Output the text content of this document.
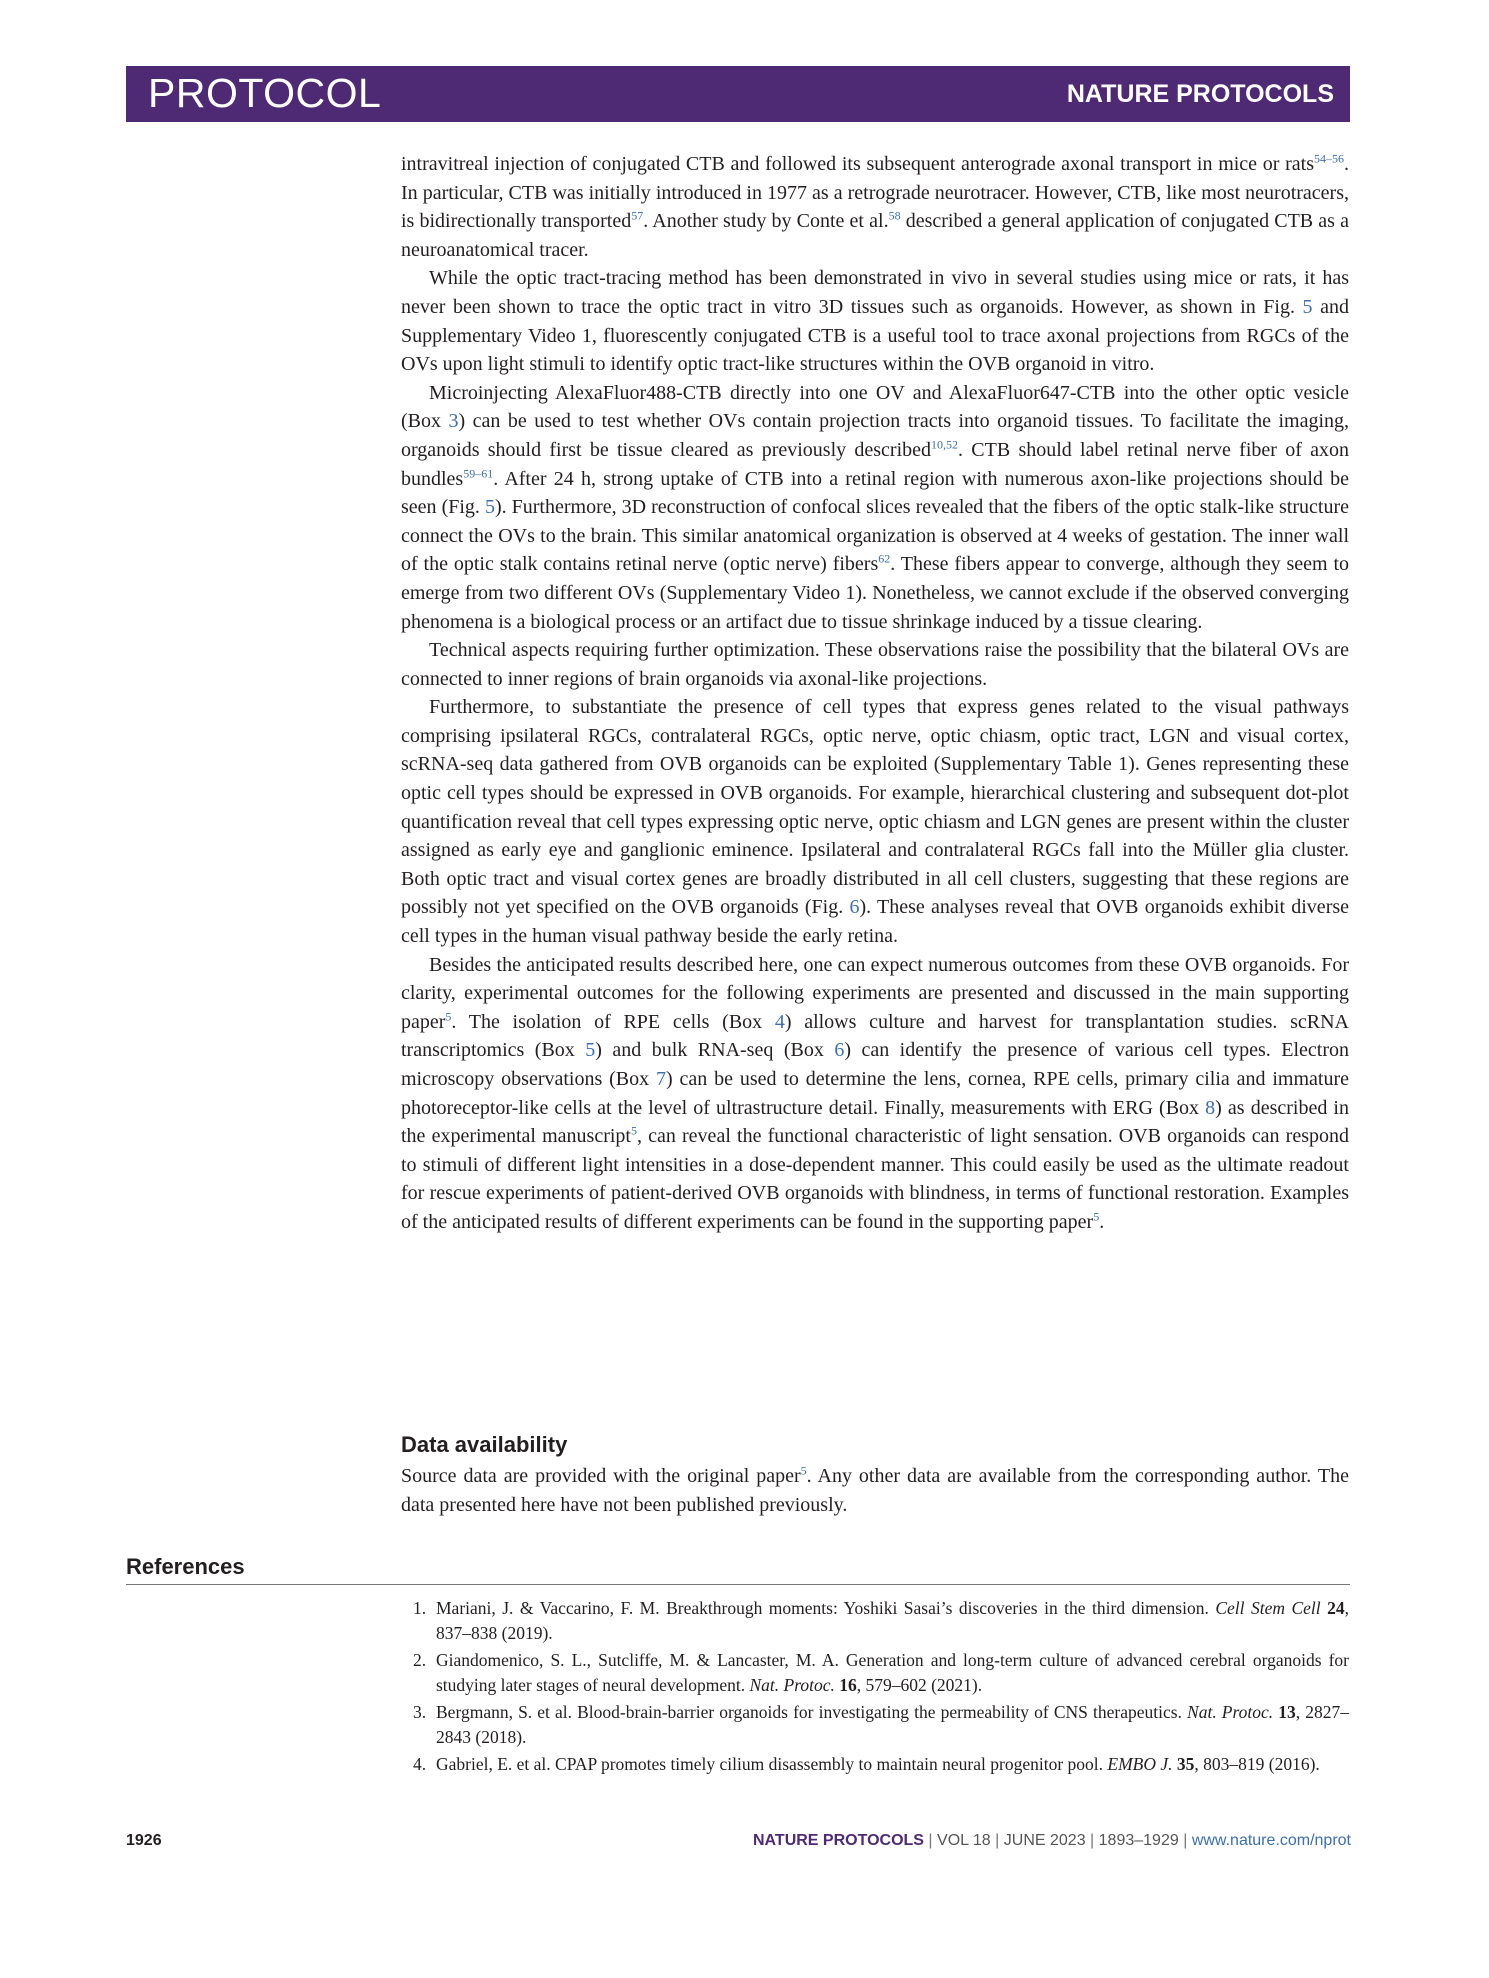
PROTOCOL	NATURE PROTOCOLS

intravitreal injection of conjugated CTB and followed its subsequent anterograde axonal transport in mice or rats$^{54-56}$. In particular, CTB was initially introduced in 1977 as a retrograde neurotracer. However, CTB, like most neurotracers, is bidirectionally transported$^{57}$. Another study by Conte et al.$^{58}$ described a general application of conjugated CTB as a neuroanatomical tracer.

While the optic tract-tracing method has been demonstrated in vivo in several studies using mice or rats, it has never been shown to trace the optic tract in vitro 3D tissues such as organoids. However, as shown in Fig. 5 and Supplementary Video 1, fluorescently conjugated CTB is a useful tool to trace axonal projections from RGCs of the OVs upon light stimuli to identify optic tract-like structures within the OVB organoid in vitro.

Microinjecting AlexaFluor488-CTB directly into one OV and AlexaFluor647-CTB into the other optic vesicle (Box 3) can be used to test whether OVs contain projection tracts into organoid tissues. To facilitate the imaging, organoids should first be tissue cleared as previously described$^{10,52}$. CTB should label retinal nerve fiber of axon bundles$^{59-61}$. After 24 h, strong uptake of CTB into a retinal region with numerous axon-like projections should be seen (Fig. 5). Furthermore, 3D reconstruction of confocal slices revealed that the fibers of the optic stalk-like structure connect the OVs to the brain. This similar anatomical organization is observed at 4 weeks of gestation. The inner wall of the optic stalk contains retinal nerve (optic nerve) fibers$^{62}$. These fibers appear to converge, although they seem to emerge from two different OVs (Supplementary Video 1). Nonetheless, we cannot exclude if the observed converging phenomena is a biological process or an artifact due to tissue shrinkage induced by a tissue clearing.

Technical aspects requiring further optimization. These observations raise the possibility that the bilateral OVs are connected to inner regions of brain organoids via axonal-like projections.

Furthermore, to substantiate the presence of cell types that express genes related to the visual pathways comprising ipsilateral RGCs, contralateral RGCs, optic nerve, optic chiasm, optic tract, LGN and visual cortex, scRNA-seq data gathered from OVB organoids can be exploited (Supplementary Table 1). Genes representing these optic cell types should be expressed in OVB organoids. For example, hierarchical clustering and subsequent dot-plot quantification reveal that cell types expressing optic nerve, optic chiasm and LGN genes are present within the cluster assigned as early eye and ganglionic eminence. Ipsilateral and contralateral RGCs fall into the Müller glia cluster. Both optic tract and visual cortex genes are broadly distributed in all cell clusters, suggesting that these regions are possibly not yet specified on the OVB organoids (Fig. 6). These analyses reveal that OVB organoids exhibit diverse cell types in the human visual pathway beside the early retina.

Besides the anticipated results described here, one can expect numerous outcomes from these OVB organoids. For clarity, experimental outcomes for the following experiments are presented and discussed in the main supporting paper$^5$. The isolation of RPE cells (Box 4) allows culture and harvest for transplantation studies. scRNA transcriptomics (Box 5) and bulk RNA-seq (Box 6) can identify the presence of various cell types. Electron microscopy observations (Box 7) can be used to determine the lens, cornea, RPE cells, primary cilia and immature photoreceptor-like cells at the level of ultrastructure detail. Finally, measurements with ERG (Box 8) as described in the experimental manuscript$^5$, can reveal the functional characteristic of light sensation. OVB organoids can respond to stimuli of different light intensities in a dose-dependent manner. This could easily be used as the ultimate readout for rescue experiments of patient-derived OVB organoids with blindness, in terms of functional restoration. Examples of the anticipated results of different experiments can be found in the supporting paper$^5$.

Data availability
Source data are provided with the original paper$^5$. Any other data are available from the corresponding author. The data presented here have not been published previously.
References
1. Mariani, J. & Vaccarino, F. M. Breakthrough moments: Yoshiki Sasai’s discoveries in the third dimension. Cell Stem Cell 24, 837–838 (2019).
2. Giandomenico, S. L., Sutcliffe, M. & Lancaster, M. A. Generation and long-term culture of advanced cerebral organoids for studying later stages of neural development. Nat. Protoc. 16, 579–602 (2021).
3. Bergmann, S. et al. Blood-brain-barrier organoids for investigating the permeability of CNS therapeutics. Nat. Protoc. 13, 2827–2843 (2018).
4. Gabriel, E. et al. CPAP promotes timely cilium disassembly to maintain neural progenitor pool. EMBO J. 35, 803–819 (2016).
1926	NATURE PROTOCOLS | VOL 18 | JUNE 2023 | 1893–1929 | www.nature.com/nprot
